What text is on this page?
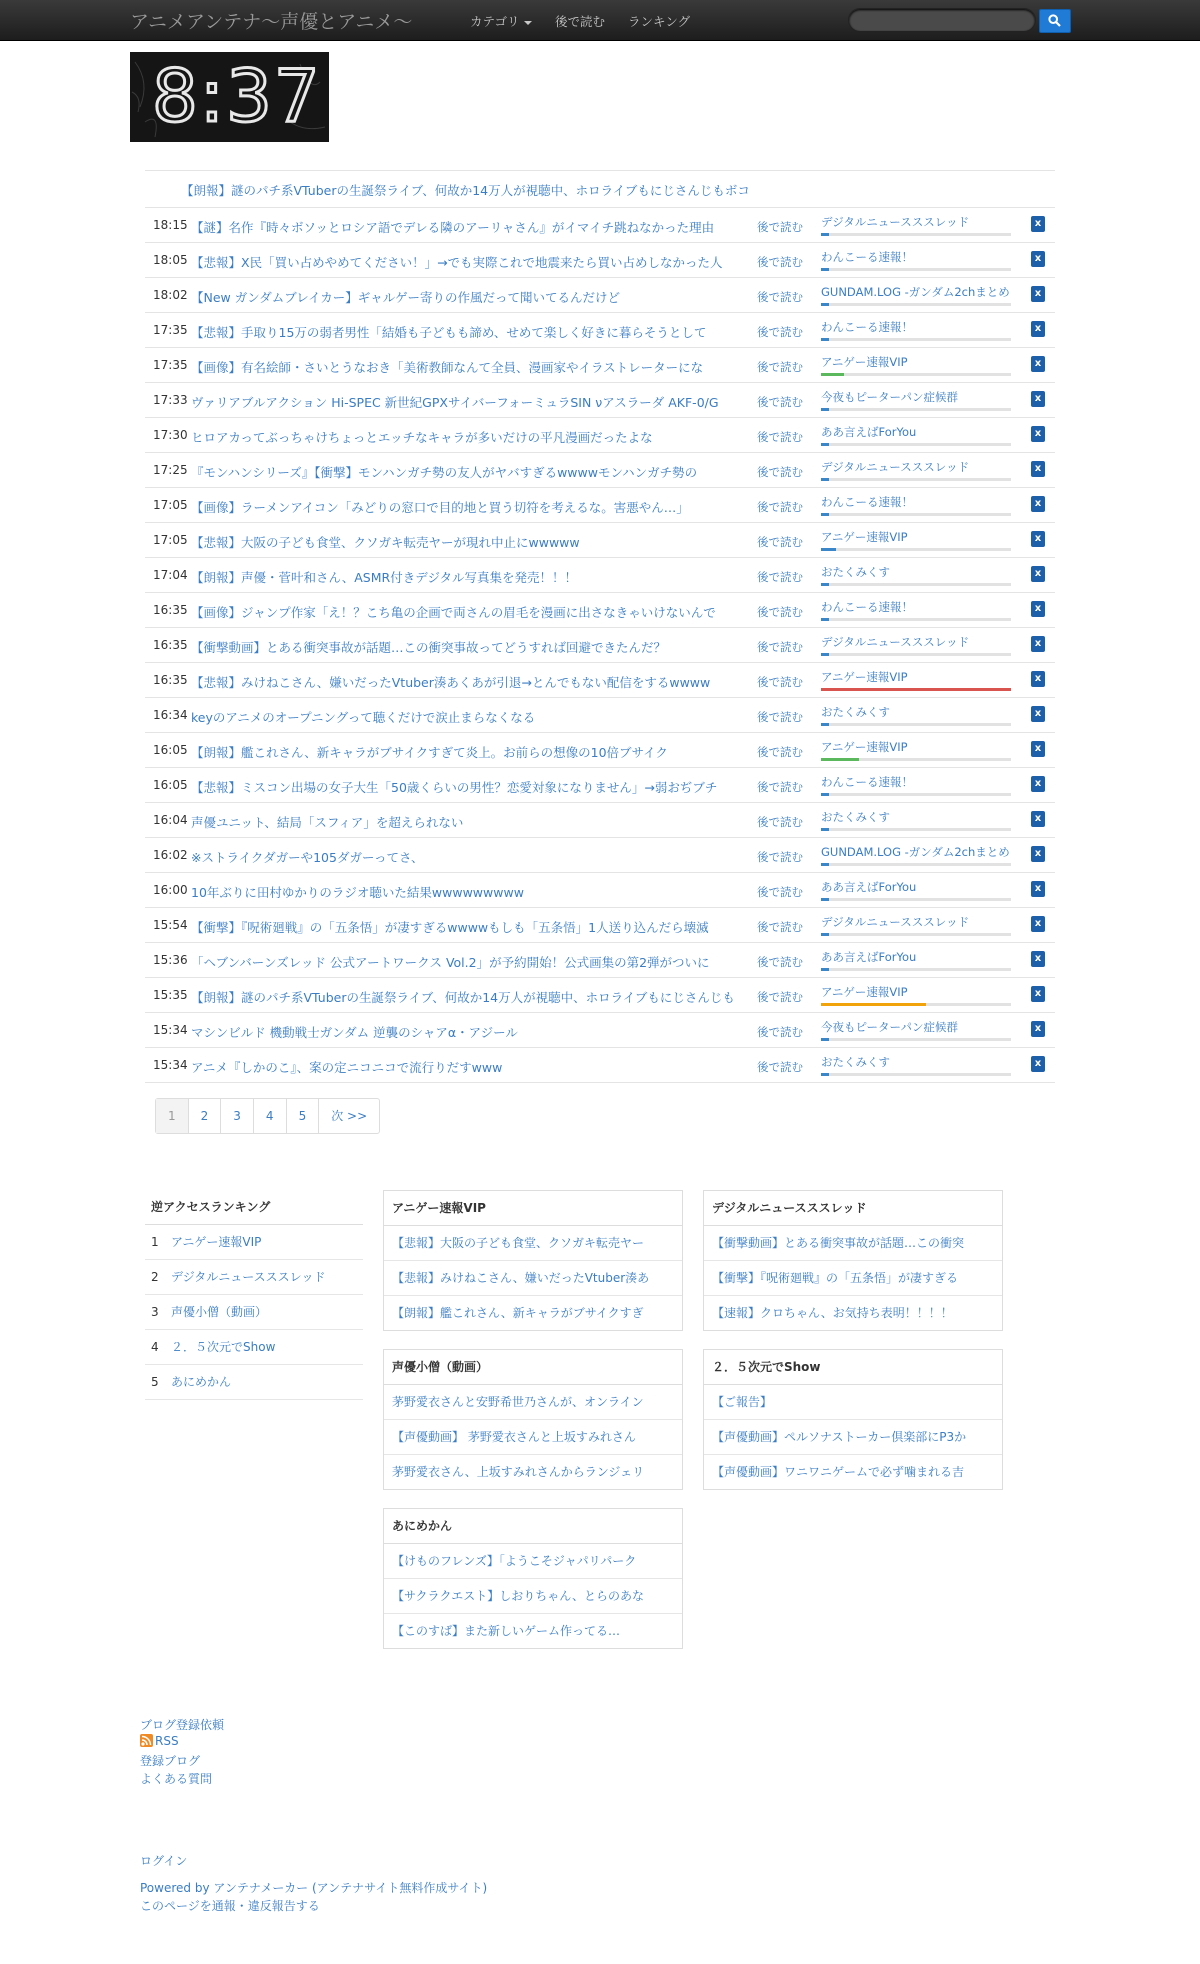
アニメアンテナ〜声優とアニメ〜	カテゴリ	後で読む ランキング
8:37
【朗報】謎のパチ系VTuberの生誕祭ライブ、何故か14万人が視聴中、ホロライブもにじさんじもボコ
18:15 【謎】名作『時々ボソッとロシア語でデレる隣のアーリャさん』がイマイチ跳ねなかった理由	後で読む デジタルニュースススレッド	x
18:05 【悲報】X民「買い占めやめてください！」→でも実際これで地震来たら買い占めしなかった人	後で読む わんこーる速報！	x
18:02 【New ガンダムブレイカー】ギャルゲー寄りの作風だって聞いてるんだけど	後で読む GUNDAM.LOG -ガンダム2chまとめ	x
17:35 【悲報】手取り15万の弱者男性「結婚も子どもも諦め、せめて楽しく好きに暮らそうとして	後で読む わんこーる速報！	x
17:35 【画像】有名絵師・さいとうなおき「美術教師なんて全員、漫画家やイラストレーターにな	後で読む アニゲー速報VIP	x
17:33 ヴァリアブルアクション Hi-SPEC 新世紀GPXサイバーフォーミュラSIN νアスラーダ AKF-0/G	後で読む 今夜もピーターパン症候群	x
17:30 ヒロアカってぶっちゃけちょっとエッチなキャラが多いだけの平凡漫画だったよな	後で読む ああ言えばForYou	x
17:25 『モンハンシリーズ』【衝撃】モンハンガチ勢の友人がヤバすぎるwwwwモンハンガチ勢の	後で読む デジタルニュースススレッド	x
17:05 【画像】ラーメンアイコン「みどりの窓口で目的地と買う切符を考えるな。害悪やん…」	後で読む わんこーる速報！	x
17:05 【悲報】大阪の子ども食堂、クソガキ転売ヤーが現れ中止にwwwww	後で読む アニゲー速報VIP	x
17:04 【朗報】声優・菅叶和さん、ASMR付きデジタル写真集を発売！！！	後で読む おたくみくす	x
16:35 【画像】ジャンプ作家「え！？こち亀の企画で両さんの眉毛を漫画に出さなきゃいけないんで	後で読む わんこーる速報！	x
16:35 【衝撃動画】とある衝突事故が話題…この衝突事故ってどうすれば回避できたんだ？	後で読む デジタルニュースススレッド	x
16:35 【悲報】みけねこさん、嫌いだったVtuber湊あくあが引退→とんでもない配信をするwwww	後で読む アニゲー速報VIP	x
16:34 keyのアニメのオープニングって聴くだけで涙止まらなくなる	後で読む おたくみくす	x
16:05 【朗報】艦これさん、新キャラがブサイクすぎて炎上。お前らの想像の10倍ブサイク	後で読む アニゲー速報VIP	x
16:05 【悲報】ミスコン出場の女子大生「50歳くらいの男性？恋愛対象になりません」→弱おぢブチ	後で読む わんこーる速報！	x
16:04 声優ユニット、結局「スフィア」を超えられない	後で読む おたくみくす	x
16:02 ※ストライクダガーや105ダガーってさ、	後で読む GUNDAM.LOG -ガンダム2chまとめ	x
16:00 10年ぶりに田村ゆかりのラジオ聴いた結果wwwwwwwww	後で読む ああ言えばForYou	x
15:54 【衝撃】『呪術廻戦』の「五条悟」が凄すぎるwwwwもしも「五条悟」1人送り込んだら壊滅	後で読む デジタルニュースススレッド	x
15:36 「ヘブンバーンズレッド 公式アートワークス Vol.2」が予約開始！公式画集の第2弾がついに	後で読む ああ言えばForYou	x
15:35 【朗報】謎のパチ系VTuberの生誕祭ライブ、何故か14万人が視聴中、ホロライブもにじさんじも	後で読む アニゲー速報VIP	x
15:34 マシンビルド 機動戦士ガンダム 逆襲のシャアα・アジール	後で読む 今夜もピーターパン症候群	x
15:34 アニメ『しかのこ』、案の定ニコニコで流行りだすwww	後で読む おたくみくす	x
1	2	3	4	5	次 >>
逆アクセスランキング
1 アニゲー速報VIP
2 デジタルニュースススレッド
3 声優小僧（動画）
4 ２．５次元でShow
5 あにめかん
アニゲー速報VIP
【悲報】大阪の子ども食堂、クソガキ転売ヤー
【悲報】みけねこさん、嫌いだったVtuber湊あ
【朗報】艦これさん、新キャラがブサイクすぎ
デジタルニュースススレッド
【衝撃動画】とある衝突事故が話題…この衝突
【衝撃】『呪術廻戦』の「五条悟」が凄すぎる
【速報】クロちゃん、お気持ち表明！！！！
声優小僧（動画）
茅野愛衣さんと安野希世乃さんが、オンライン
【声優動画】 茅野愛衣さんと上坂すみれさん
茅野愛衣さん、上坂すみれさんからランジェリ
２．５次元でShow
【ご報告】
【声優動画】ペルソナストーカー倶楽部にP3か
【声優動画】ワニワニゲームで必ず噛まれる吉
あにめかん
【けものフレンズ】「ようこそジャパリパーク
【サクラクエスト】しおりちゃん、とらのあな
【このすば】また新しいゲーム作ってる…
ブログ登録依頼
RSS
登録ブログ
よくある質問
ログイン
Powered by アンテナメーカー (アンテナサイト無料作成サイト)
このページを通報・違反報告する
